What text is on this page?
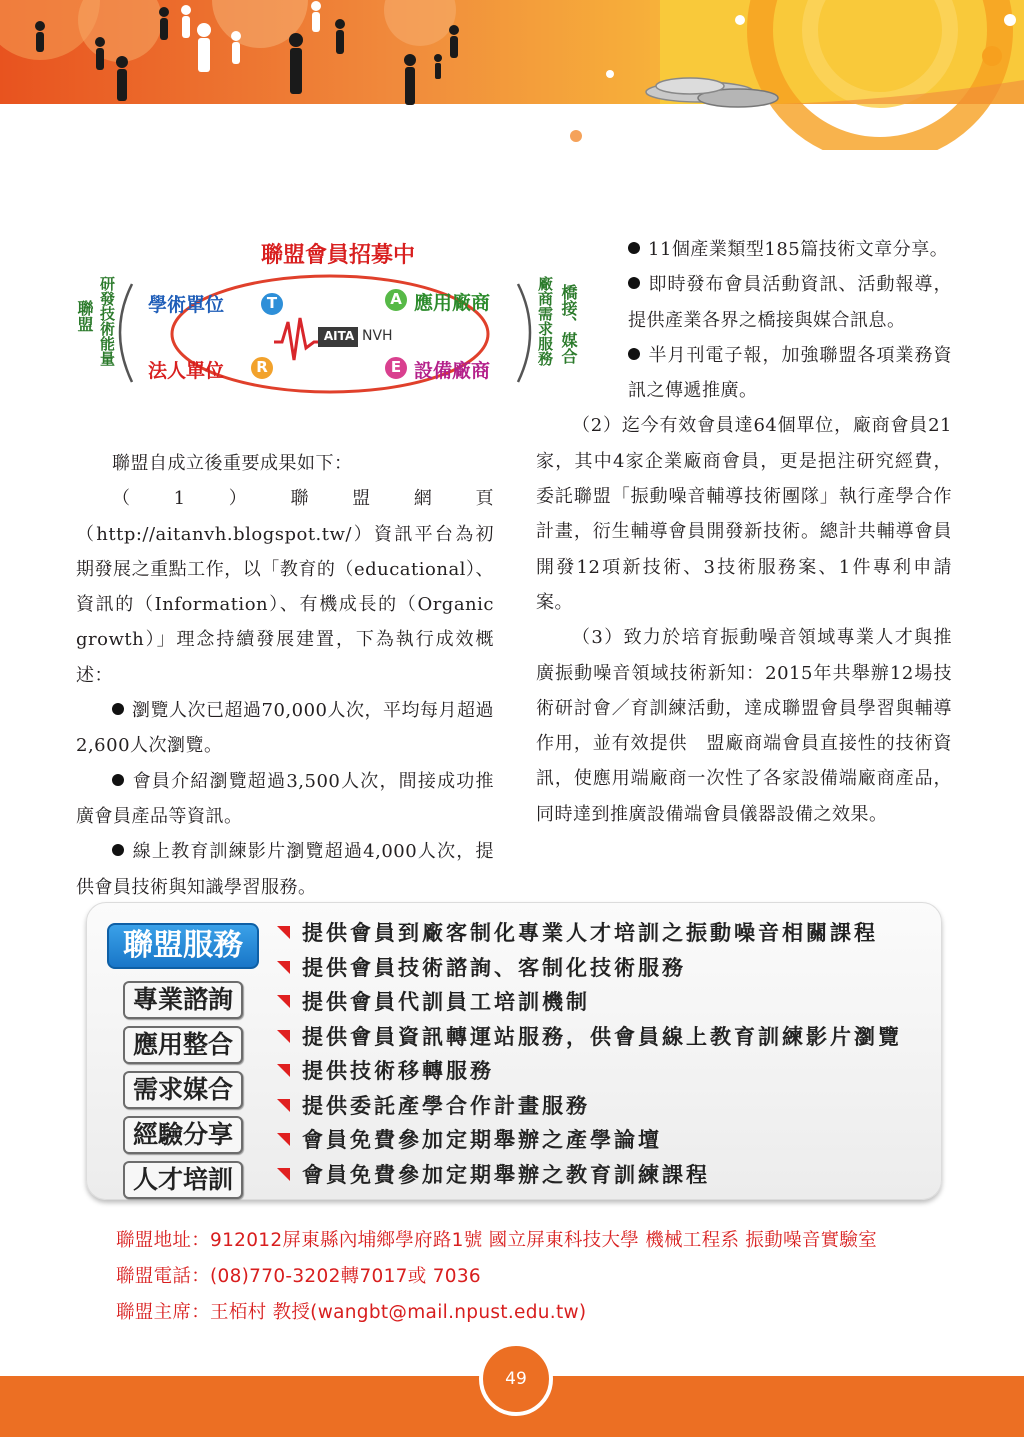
聯盟會員招募中
聯盟 研發技術能量	橋接、媒合
廠商需求服務
T
學術單位
R
法人單位
A 應用廠商
E 設備廠商
AITA NVH

聯盟自成立後重要成果如下：

（1）聯盟網頁（http://aitanvh.blogspot.tw/）資訊平台為初期發展之重點工作，以「教育的（educational）、資訊的（Information）、有機成長的（Organic growth）」理念持續發展建置，下為執行成效概述：

瀏覽人次已超過70,000人次，平均每月超過2,600人次瀏覽。

會員介紹瀏覽超過3,500人次，間接成功推廣會員產品等資訊。

線上教育訓練影片瀏覽超過4,000人次，提供會員技術與知識學習服務。

11個產業類型185篇技術文章分享。

即時發布會員活動資訊、活動報導，提供產業各界之橋接與媒合訊息。

半月刊電子報，加強聯盟各項業務資訊之傳遞推廣。

（2）迄今有效會員達64個單位，廠商會員21家，其中4家企業廠商會員，更是挹注研究經費，委託聯盟「振動噪音輔導技術團隊」執行產學合作計畫，衍生輔導會員開發新技術。總計共輔導會員開發12項新技術、3技術服務案、1件專利申請案。

（3）致力於培育振動噪音領域專業人才與推廣振動噪音領域技術新知：2015年共舉辦12場技術研討會／育訓練活動，達成聯盟會員學習與輔導作用，並有效提供　盟廠商端會員直接性的技術資訊，使應用端廠商一次性了各家設備端廠商產品，同時達到推廣設備端會員儀器設備之效果。

聯盟服務
專業諮詢
應用整合
需求媒合
經驗分享
人才培訓
提供會員到廠客制化專業人才培訓之振動噪音相關課程
提供會員技術諮詢、客制化技術服務
提供會員代訓員工培訓機制
提供會員資訊轉運站服務，供會員線上教育訓練影片瀏覽
提供技術移轉服務
提供委託產學合作計畫服務
會員免費參加定期舉辦之產學論壇
會員免費參加定期舉辦之教育訓練課程
聯盟地址：912012屏東縣內埔鄉學府路1號 國立屏東科技大學 機械工程系 振動噪音實驗室
聯盟電話：(08)770-3202轉7017或 7036
聯盟主席：王栢村 教授(wangbt@mail.npust.edu.tw)
49
